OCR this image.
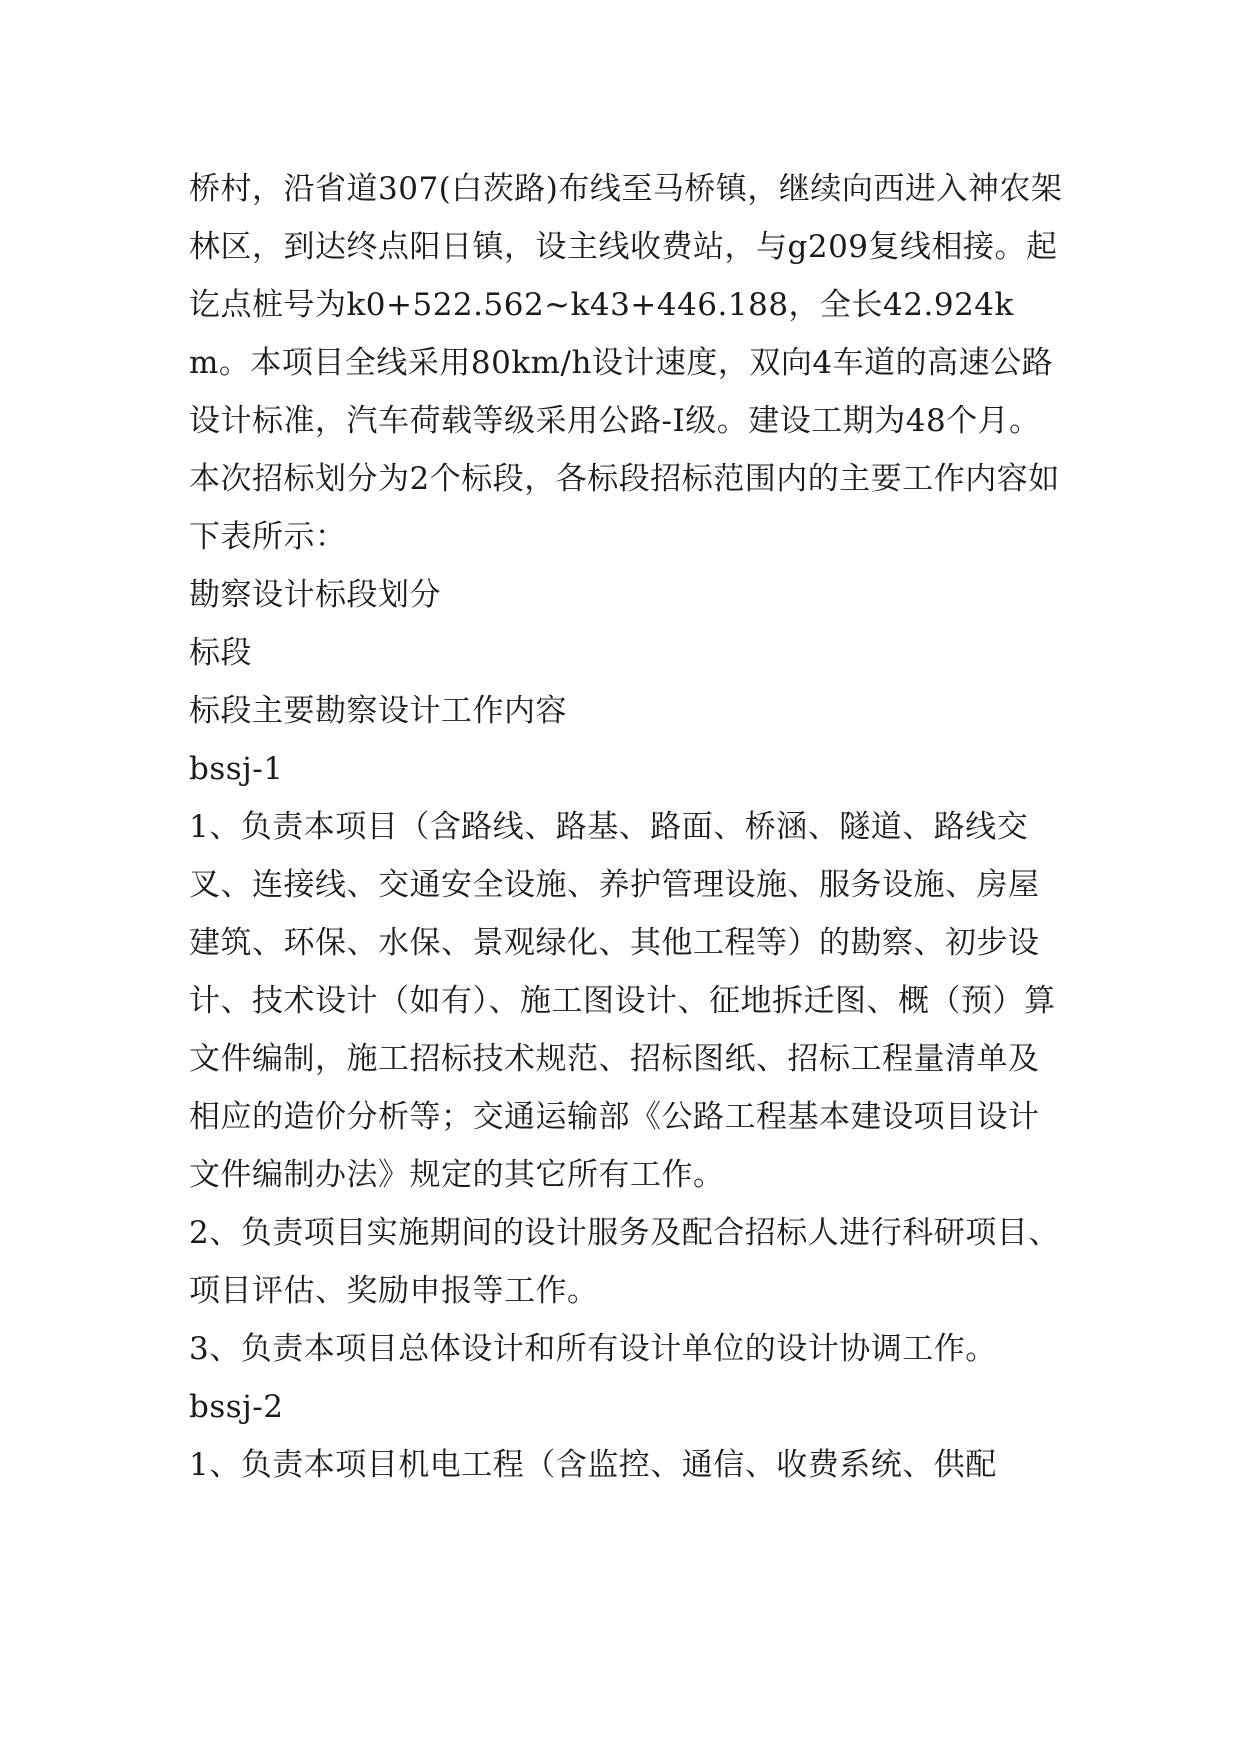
桥村，沿省道307(白茨路)布线至马桥镇，继续向西进入神农架林区，到达终点阳日镇，设主线收费站，与g209复线相接。起讫点桩号为k0+522.562~k43+446.188，全长42.924km。本项目全线采用80km/h设计速度，双向4车道的高速公路设计标准，汽车荷载等级采用公路-Ⅰ级。建设工期为48个月。

本次招标划分为2个标段，各标段招标范围内的主要工作内容如下表所示：

勘察设计标段划分

标段

标段主要勘察设计工作内容

bssj-1

1、负责本项目（含路线、路基、路面、桥涵、隧道、路线交叉、连接线、交通安全设施、养护管理设施、服务设施、房屋建筑、环保、水保、景观绿化、其他工程等）的勘察、初步设计、技术设计（如有）、施工图设计、征地拆迁图、概（预）算文件编制，施工招标技术规范、招标图纸、招标工程量清单及相应的造价分析等；交通运输部《公路工程基本建设项目设计文件编制办法》规定的其它所有工作。

2、负责项目实施期间的设计服务及配合招标人进行科研项目、项目评估、奖励申报等工作。

3、负责本项目总体设计和所有设计单位的设计协调工作。

bssj-2

1、负责本项目机电工程（含监控、通信、收费系统、供配
